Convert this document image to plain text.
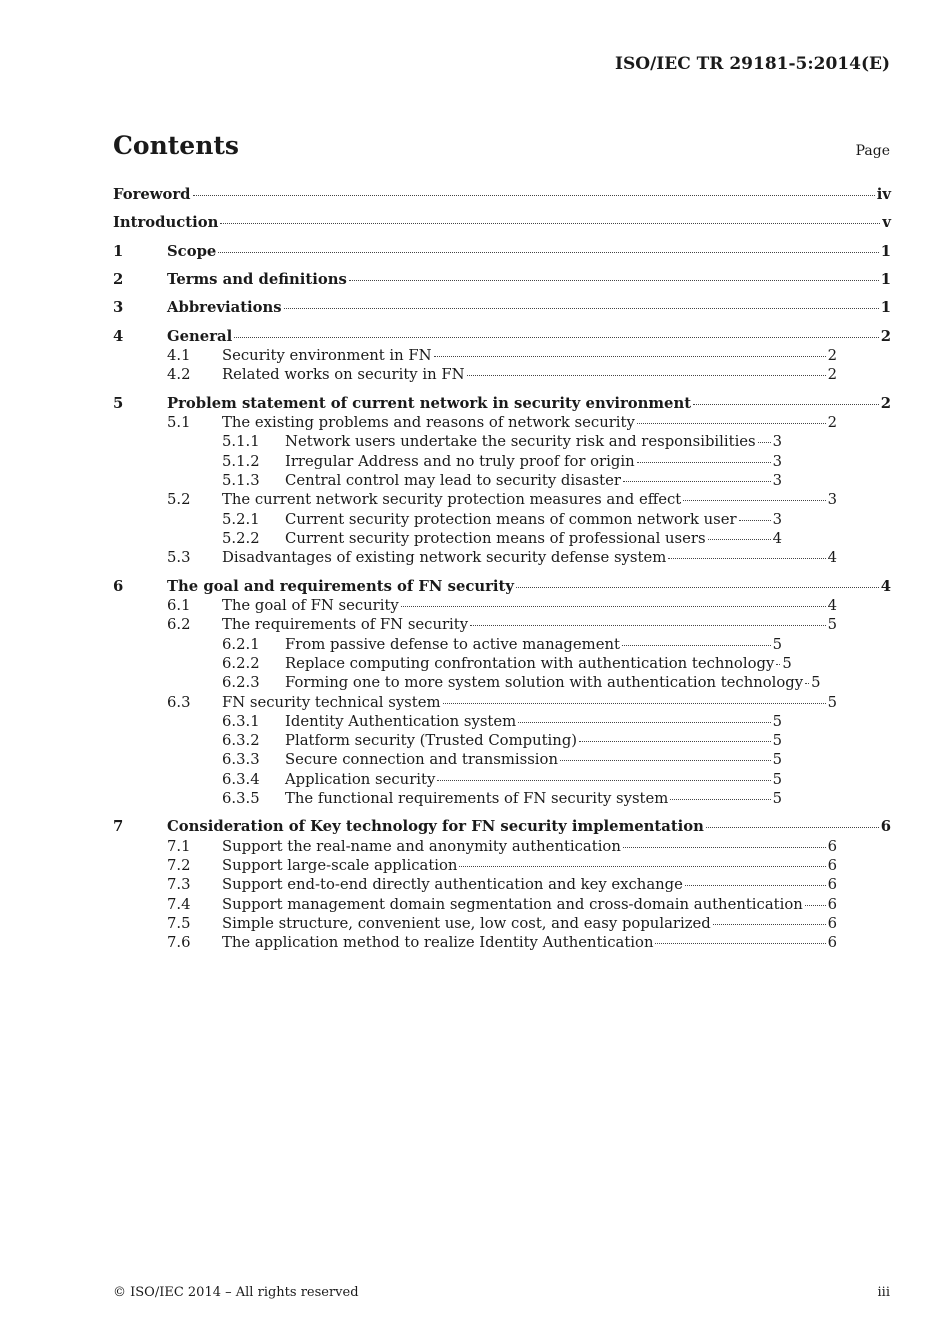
ISO/IEC TR 29181-5:2014(E)
Contents	Page
Foreword	iv
Introduction	v
1	Scope	1
2	Terms and definitions	1
3	Abbreviations	1
4	General	2
4.1	Security environment in FN	2
4.2	Related works on security in FN	2
5	Problem statement of current network in security environment	2
5.1	The existing problems and reasons of network security	2
5.1.1	Network users undertake the security risk and responsibilities 3
5.1.2	Irregular Address and no truly proof for origin	3
5.1.3	Central control may lead to security disaster	3
5.2	The current network security protection measures and effect	3
5.2.1	Current security protection means of common network user 3
5.2.2	Current security protection means of professional users	4
5.3	Disadvantages of existing network security defense system	4
6	The goal and requirements of FN security	4
6.1	The goal of FN security	4
6.2	The requirements of FN security	5
6.2.1	From passive defense to active management	5
6.2.2	Replace computing confrontation with authentication technology 5
6.2.3	Forming one to more system solution with authentication technology 5
6.3	FN security technical system	5
6.3.1	Identity Authentication system	5
6.3.2	Platform security (Trusted Computing)	5
6.3.3	Secure connection and transmission	5
6.3.4	Application security	5
6.3.5	The functional requirements of FN security system	5
7	Consideration of Key technology for FN security implementation	6
7.1	Support the real-name and anonymity authentication	6
7.2	Support large-scale application	6
7.3	Support end-to-end directly authentication and key exchange	6
7.4	Support management domain segmentation and cross-domain authentication 6
7.5	Simple structure, convenient use, low cost, and easy popularized	6
7.6	The application method to realize Identity Authentication	6
© ISO/IEC 2014 – All rights reserved	iii
